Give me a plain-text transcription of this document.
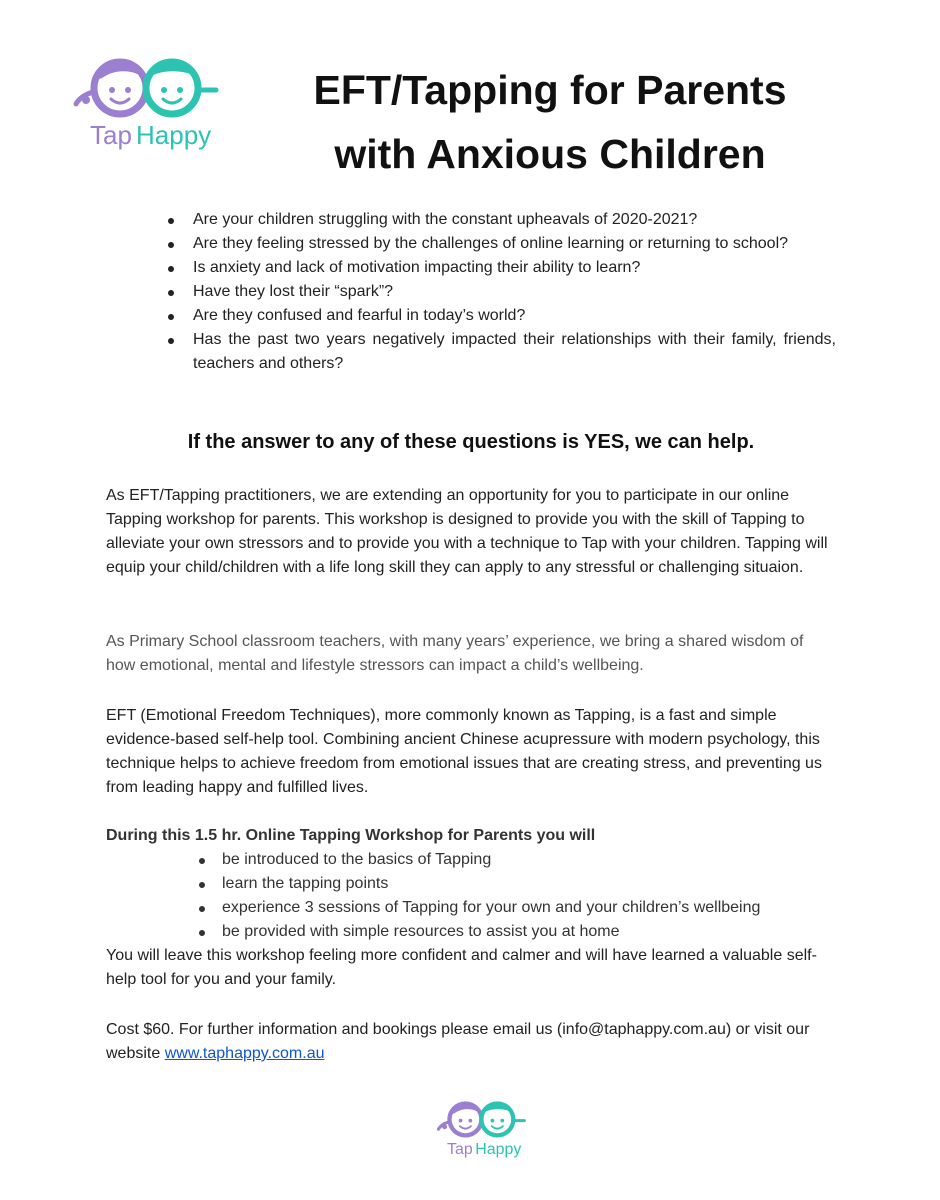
Tap Happy
EFT/Tapping for Parents
with Anxious Children
Are your children struggling with the constant upheavals of 2020-2021?
Are they feeling stressed by the challenges of online learning or returning to school?
Is anxiety and lack of motivation impacting their ability to learn?
Have they lost their “spark”?
Are they confused and fearful in today’s world?
Has the past two years negatively impacted their relationships with their family, friends, teachers and others?
If the answer to any of these questions is YES, we can help.

As EFT/Tapping practitioners, we are extending an opportunity for you to participate in our online Tapping workshop for parents. This workshop is designed to provide you with the skill of Tapping to alleviate your own stressors and to provide you with a technique to Tap with your children. Tapping will equip your child/children with a life long skill they can apply to any stressful or challenging situaion.

As Primary School classroom teachers, with many years’ experience, we bring a shared wisdom of how emotional, mental and lifestyle stressors can impact a child’s wellbeing.

EFT (Emotional Freedom Techniques), more commonly known as Tapping, is a fast and simple evidence-based self-help tool. Combining ancient Chinese acupressure with modern psychology, this technique helps to achieve freedom from emotional issues that are creating stress, and preventing us from leading happy and fulfilled lives.

During this 1.5 hr. Online Tapping Workshop for Parents you will

be introduced to the basics of Tapping
learn the tapping points
experience 3 sessions of Tapping for your own and your children’s wellbeing
be provided with simple resources to assist you at home

You will leave this workshop feeling more confident and calmer and will have learned a valuable self-help tool for you and your family.

Cost $60. For further information and bookings please email us (info@taphappy.com.au) or visit our website www.taphappy.com.au

Tap Happy
